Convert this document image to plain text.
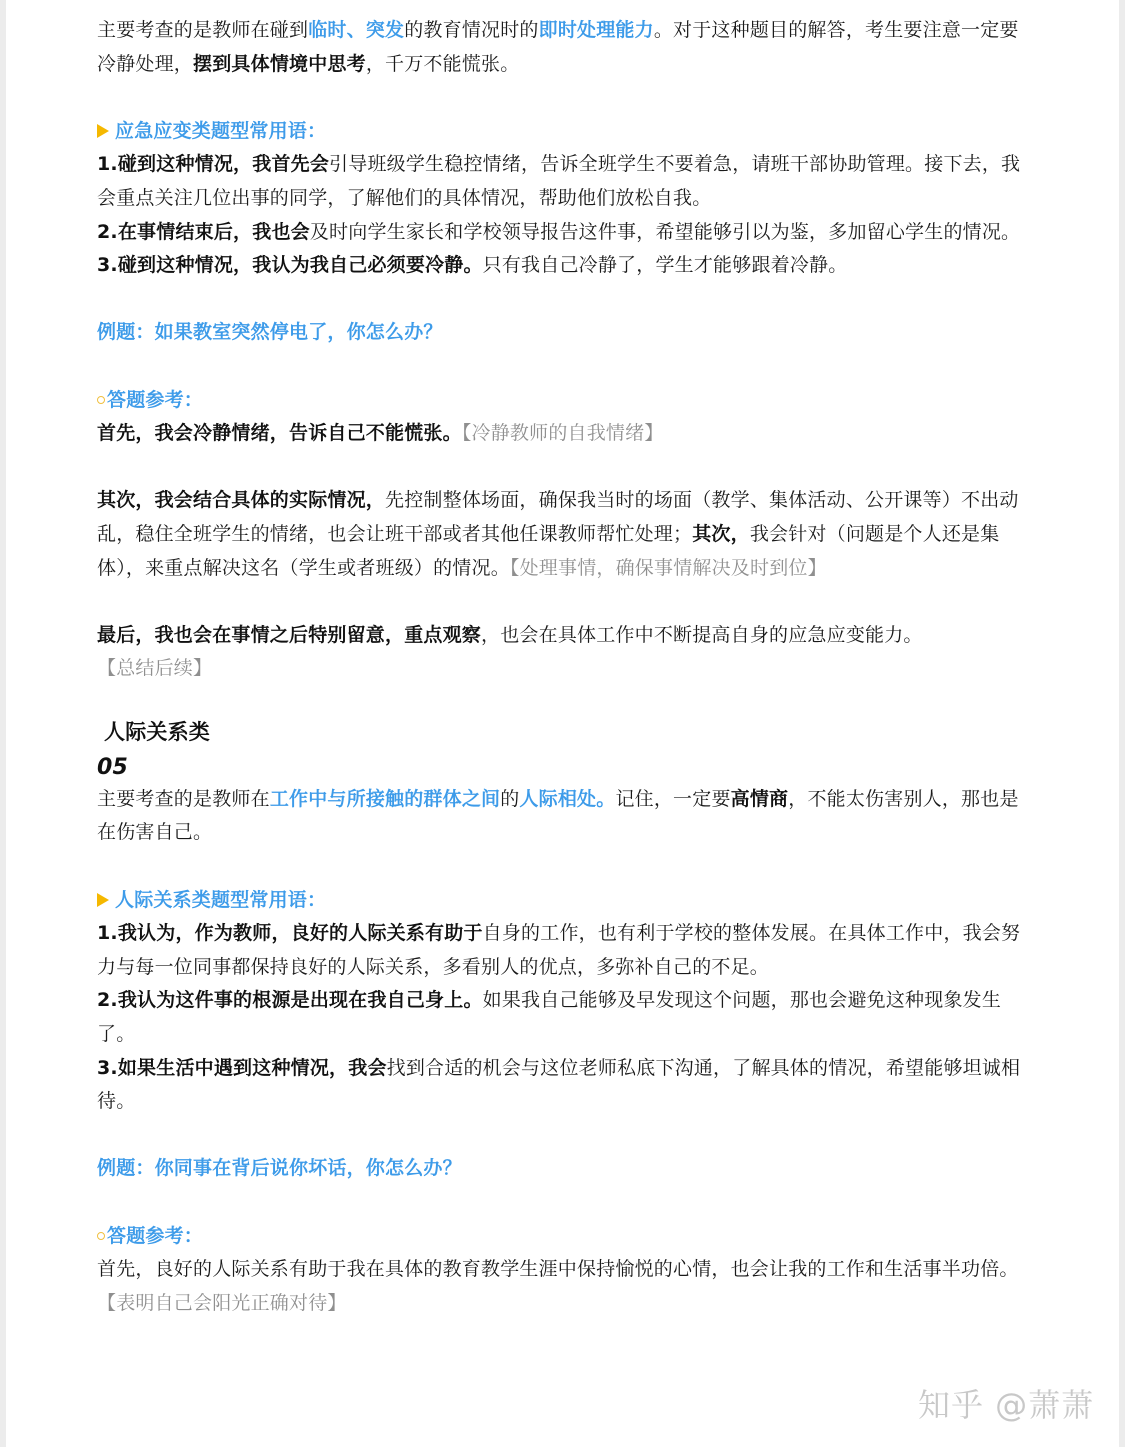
主要考查的是教师在碰到临时、突发的教育情况时的即时处理能力。对于这种题目的解答，考生要注意一定要冷静处理，摆到具体情境中思考，千万不能慌张。

应急应变类题型常用语：

1.碰到这种情况，我首先会引导班级学生稳控情绪，告诉全班学生不要着急，请班干部协助管理。接下去，我会重点关注几位出事的同学，了解他们的具体情况，帮助他们放松自我。

2.在事情结束后，我也会及时向学生家长和学校领导报告这件事，希望能够引以为鉴，多加留心学生的情况。

3.碰到这种情况，我认为我自己必须要冷静。只有我自己冷静了，学生才能够跟着冷静。

例题：如果教室突然停电了，你怎么办？

答题参考：

首先，我会冷静情绪，告诉自己不能慌张。【冷静教师的自我情绪】

其次，我会结合具体的实际情况，先控制整体场面，确保我当时的场面（教学、集体活动、公开课等）不出动乱，稳住全班学生的情绪，也会让班干部或者其他任课教师帮忙处理；其次，我会针对（问题是个人还是集体），来重点解决这名（学生或者班级）的情况。【处理事情，确保事情解决及时到位】

最后，我也会在事情之后特别留意，重点观察，也会在具体工作中不断提高自身的应急应变能力。【总结后续】

人际关系类
05

主要考查的是教师在工作中与所接触的群体之间的人际相处。记住，一定要高情商，不能太伤害别人，那也是在伤害自己。

人际关系类题型常用语：

1.我认为，作为教师，良好的人际关系有助于自身的工作，也有利于学校的整体发展。在具体工作中，我会努力与每一位同事都保持良好的人际关系，多看别人的优点，多弥补自己的不足。

2.我认为这件事的根源是出现在我自己身上。如果我自己能够及早发现这个问题，那也会避免这种现象发生了。

3.如果生活中遇到这种情况，我会找到合适的机会与这位老师私底下沟通，了解具体的情况，希望能够坦诚相待。

例题：你同事在背后说你坏话，你怎么办？

答题参考：

首先，良好的人际关系有助于我在具体的教育教学生涯中保持愉悦的心情，也会让我的工作和生活事半功倍。【表明自己会阳光正确对待】

知乎 @萧萧
